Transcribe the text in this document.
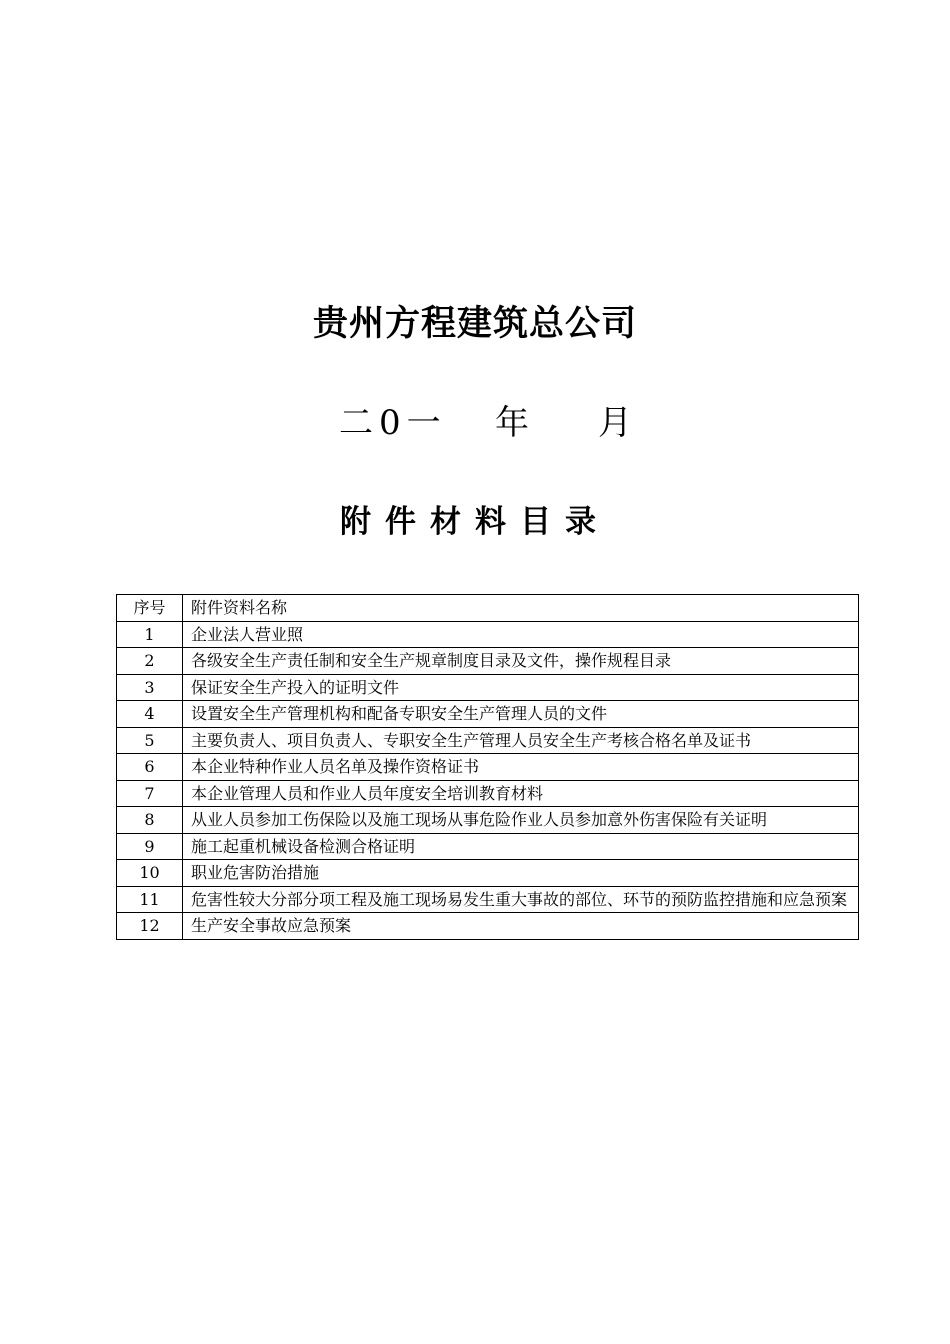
贵州方程建筑总公司
二0一 年 月
附件材料目录
序号	附件资料名称
1	企业法人营业照
2	各级安全生产责任制和安全生产规章制度目录及文件，操作规程目录
3	保证安全生产投入的证明文件
4	设置安全生产管理机构和配备专职安全生产管理人员的文件
5	主要负责人、项目负责人、专职安全生产管理人员安全生产考核合格名单及证书
6	本企业特种作业人员名单及操作资格证书
7	本企业管理人员和作业人员年度安全培训教育材料
8	从业人员参加工伤保险以及施工现场从事危险作业人员参加意外伤害保险有关证明
9	施工起重机械设备检测合格证明
10	职业危害防治措施
11	危害性较大分部分项工程及施工现场易发生重大事故的部位、环节的预防监控措施和应急预案
12	生产安全事故应急预案
